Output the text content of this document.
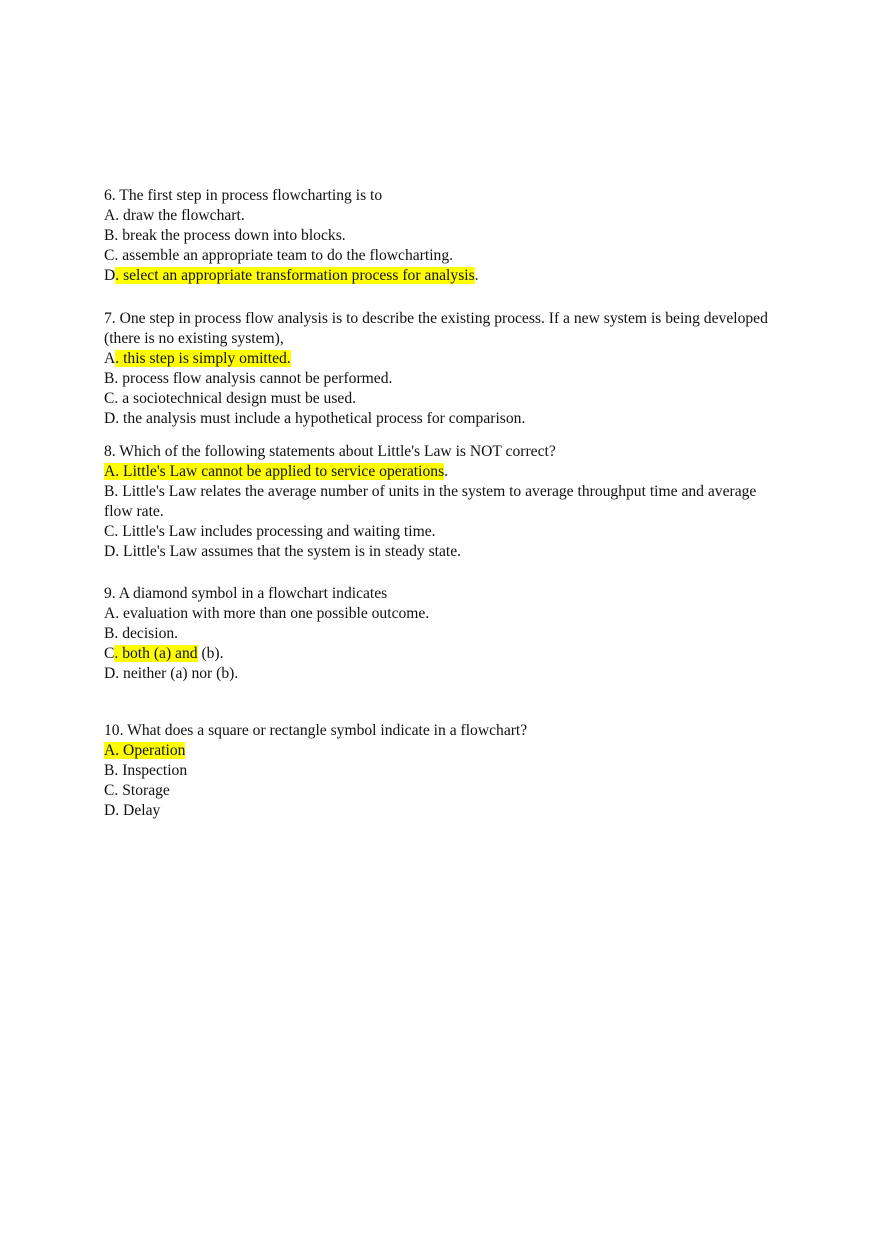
6. The first step in process flowcharting is to
A. draw the flowchart.
B. break the process down into blocks.
C. assemble an appropriate team to do the flowcharting.
D. select an appropriate transformation process for analysis.
7. One step in process flow analysis is to describe the existing process. If a new system is being developed (there is no existing system),
A. this step is simply omitted.
B. process flow analysis cannot be performed.
C. a sociotechnical design must be used.
D. the analysis must include a hypothetical process for comparison.
8. Which of the following statements about Little's Law is NOT correct?
A. Little's Law cannot be applied to service operations.
B. Little's Law relates the average number of units in the system to average throughput time and average flow rate.
C. Little's Law includes processing and waiting time.
D. Little's Law assumes that the system is in steady state.
9. A diamond symbol in a flowchart indicates
A. evaluation with more than one possible outcome.
B. decision.
C. both (a) and (b).
D. neither (a) nor (b).
10. What does a square or rectangle symbol indicate in a flowchart?
A. Operation
B. Inspection
C. Storage
D. Delay
